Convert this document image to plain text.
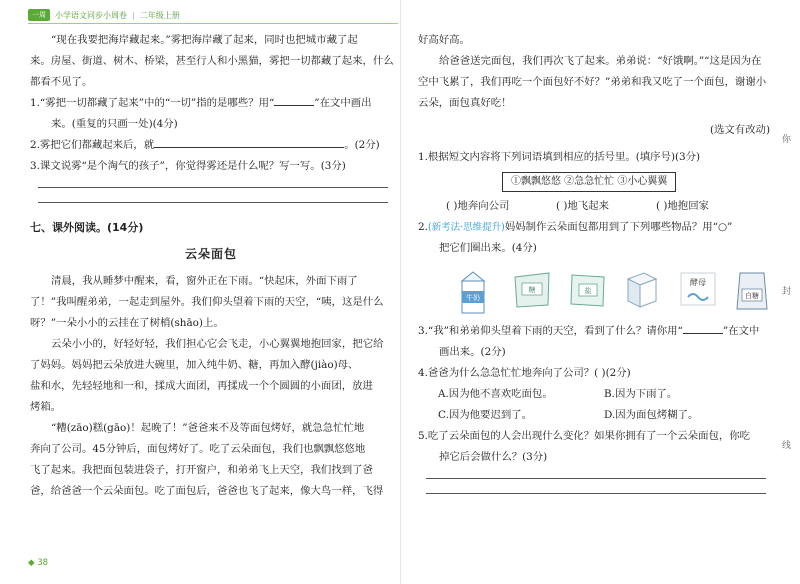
一周	小学语文同步小周卷 | 二年级上册

“现在我要把海岸藏起来。”雾把海岸藏了起来，同时也把城市藏了起

来。房屋、街道、树木、桥梁，甚至行人和小黑猫，雾把一切都藏了起来，什么

都看不见了。

1.“雾把一切都藏了起来”中的“一切”指的是哪些？用“	”在文中画出

来。(重复的只画一处)(4分)

2.雾把它们都藏起来后，就	。(2分)

3.课文说雾“是个淘气的孩子”，你觉得雾还是什么呢？写一写。(3分)

七、课外阅读。(14分)
云朵面包

清晨，我从睡梦中醒来，看，窗外正在下雨。“快起床，外面下雨了

了！”我叫醒弟弟，一起走到屋外。我们仰头望着下雨的天空，“咦，这是什么

呀？”一朵小小的云挂在了树梢(shāo)上。

云朵小小的，好轻好轻，我们担心它会飞走，小心翼翼地抱回家，把它给

了妈妈。妈妈把云朵放进大碗里，加入纯牛奶、糖，再加入酵(jiào)母、

盐和水，先轻轻地和一和，揉成大面团，再揉成一个个圆圆的小面团，放进

烤箱。

“糟(zāo)糕(gāo)！起晚了！”爸爸来不及等面包烤好，就急急忙忙地

奔向了公司。45分钟后，面包烤好了。吃了云朵面包，我们也飘飘悠悠地

飞了起来。我把面包装进袋子，打开窗户，和弟弟飞上天空，我们找到了爸

爸，给爸爸一个云朵面包。吃了面包后，爸爸也飞了起来，像大鸟一样，飞得

好高好高。

给爸爸送完面包，我们再次飞了起来。弟弟说：“好饿啊。”“这是因为在

空中飞累了，我们再吃一个面包好不好？”弟弟和我又吃了一个面包，谢谢小

云朵，面包真好吃！

(选文有改动)

1.根据短文内容将下列词语填到相应的括号里。(填序号)(3分)

①飘飘悠悠 ②急急忙忙 ③小心翼翼
( )地奔向公司	( )地飞起来	( )地抱回家

2.(新考法·思维提升)妈妈制作云朵面包都用到了下列哪些物品？用“○”

把它们圈出来。(4分)

牛奶
糖	盐
酵母
白糖

3.“我”和弟弟仰头望着下雨的天空，看到了什么？请你用“	”在文中

画出来。(2分)

4.爸爸为什么急急忙忙地奔向了公司？( )(2分)

A.因为他不喜欢吃面包。	B.因为下雨了。
C.因为他要迟到了。	D.因为面包烤糊了。

5.吃了云朵面包的人会出现什么变化？如果你拥有了一个云朵面包，你吃

掉它后会做什么？(3分)

◆ 38
你
封
线
